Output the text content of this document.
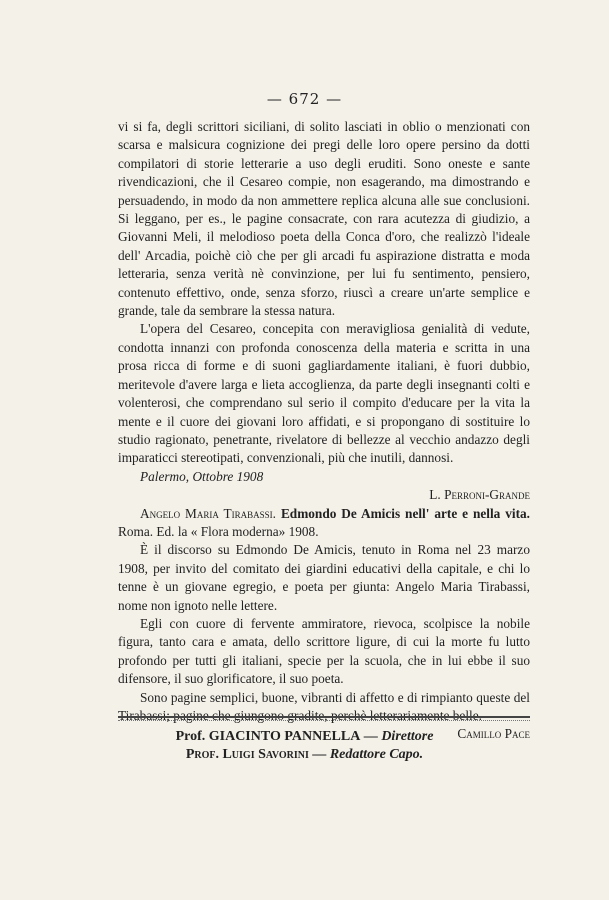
— 672 —

vi si fa, degli scrittori siciliani, di solito lasciati in oblio o menzionati con scarsa e malsicura cognizione dei pregi delle loro opere persino da dotti compilatori di storie letterarie a uso degli eruditi. Sono oneste e sante rivendicazioni, che il Cesareo compie, non esagerando, ma dimostrando e persuadendo, in modo da non ammettere replica alcuna alle sue conclusioni. Si leggano, per es., le pagine consacrate, con rara acutezza di giudizio, a Giovanni Meli, il melodioso poeta della Conca d'oro, che realizzò l'ideale dell' Arcadia, poichè ciò che per gli arcadi fu aspirazione distratta e moda letteraria, senza verità nè convinzione, per lui fu sentimento, pensiero, contenuto effettivo, onde, senza sforzo, riuscì a creare un'arte semplice e grande, tale da sembrare la stessa natura.

L'opera del Cesareo, concepita con meravigliosa genialità di vedute, condotta innanzi con profonda conoscenza della materia e scritta in una prosa ricca di forme e di suoni gagliardamente italiani, è fuori dubbio, meritevole d'avere larga e lieta accoglienza, da parte degli insegnanti colti e volenterosi, che comprendano sul serio il compito d'educare per la vita la mente e il cuore dei giovani loro affidati, e si propongano di sostituire lo studio ragionato, penetrante, rivelatore di bellezze al vecchio andazzo degli imparaticci stereotipati, convenzionali, più che inutili, dannosi.

Palermo, Ottobre 1908

L. Perroni-Grande

Angelo Maria Tirabassi. Edmondo De Amicis nell' arte e nella vita. Roma. Ed. la « Flora moderna» 1908.

È il discorso su Edmondo De Amicis, tenuto in Roma nel 23 marzo 1908, per invito del comitato dei giardini educativi della capitale, e chi lo tenne è un giovane egregio, e poeta per giunta: Angelo Maria Tirabassi, nome non ignoto nelle lettere.

Egli con cuore di fervente ammiratore, rievoca, scolpisce la nobile figura, tanto cara e amata, dello scrittore ligure, di cui la morte fu lutto profondo per tutti gli italiani, specie per la scuola, che in lui ebbe il suo difensore, il suo glorificatore, il suo poeta.

Sono pagine semplici, buone, vibranti di affetto e di rimpianto queste del

Camillo Pace

Prof. GIACINTO PANNELLA — Direttore
Prof. Luigi Savorini — Redattore Capo.
